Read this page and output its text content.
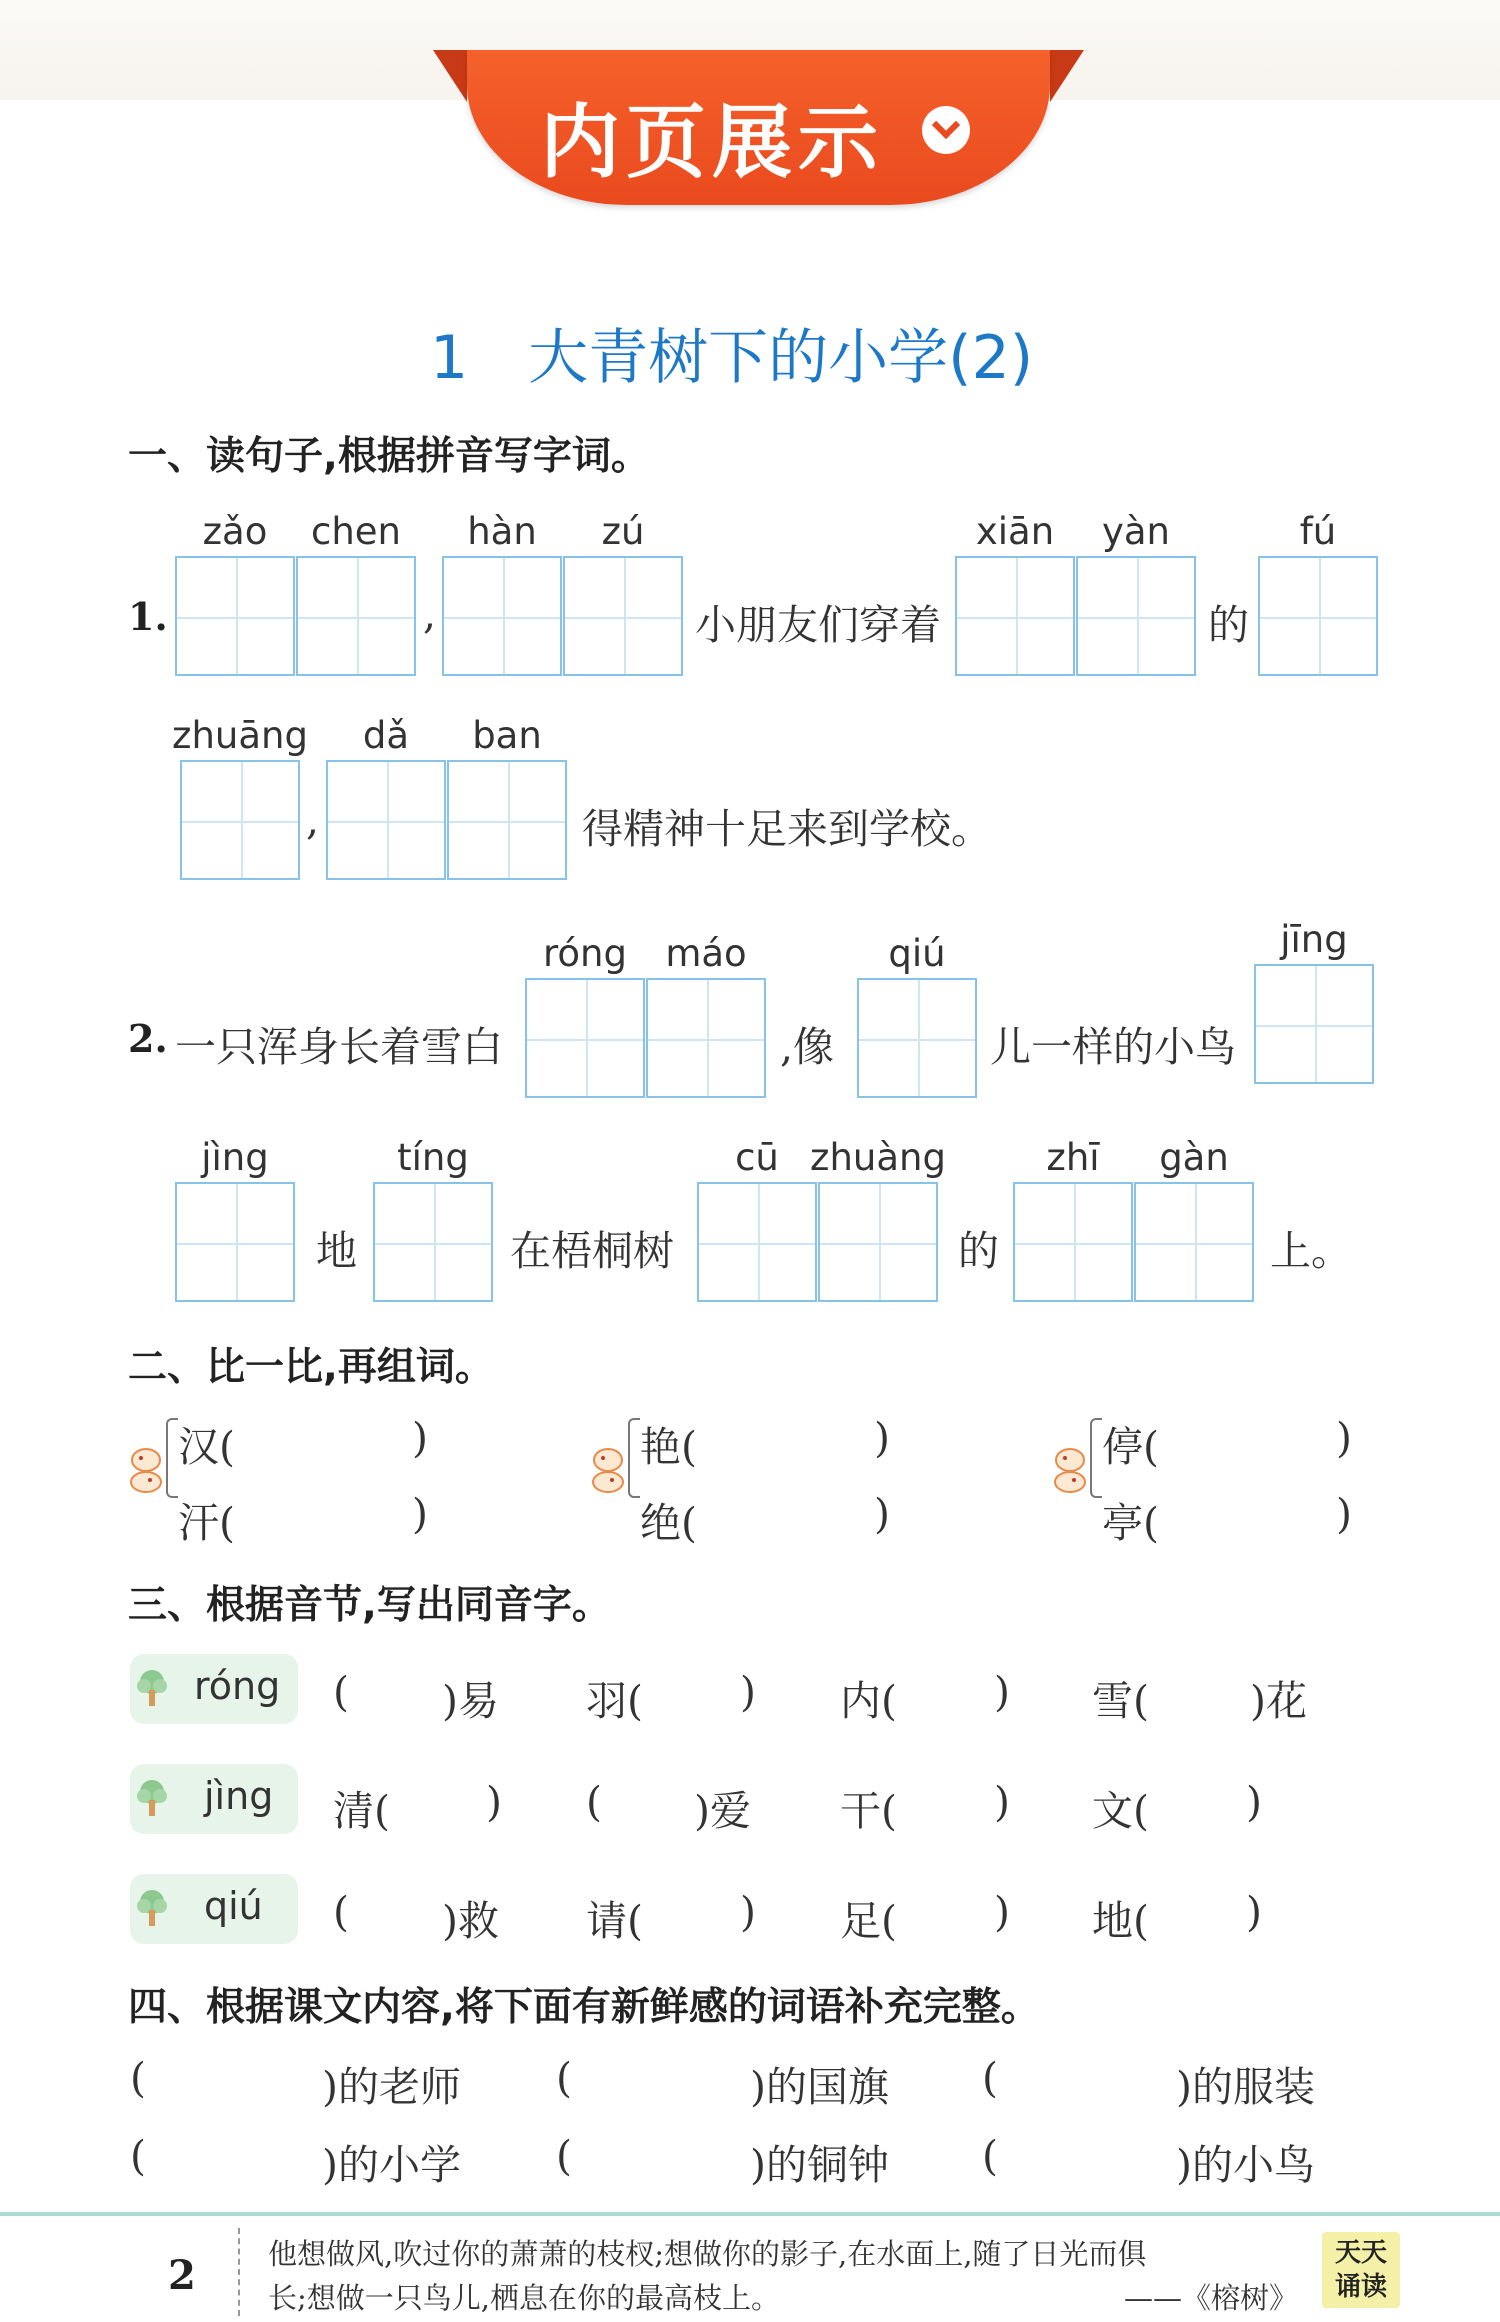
内页展示
1 大青树下的小学(2)
一、读句子,根据拼音写字词。
1.
zǎo	chen	hàn	zú	xiān	yàn	fú
,	小朋友们穿着	的
zhuāng	dǎ	ban
,	得精神十足来到学校。
2. 一只浑身长着雪白
róng	máo	qiú	jīng
,像	儿一样的小鸟
jìng	tíng	cū zhuàng	zhī	gàn
地	在梧桐树	的	上。
二、比一比,再组词。
汉(	)
汗(	)
艳(	)
绝(	)
停(	)
亭(	)
三、根据音节,写出同音字。
róng ( )易 羽( ) 内( ) 雪( )花
jìng 清( ) ( )爱 干( ) 文( )
qiú ( )救 请( ) 足( ) 地( )
四、根据课文内容,将下面有新鲜感的词语补充完整。
(	)的老师 (	)的国旗 (	)的服装
(	)的小学 (	)的铜钟 (	)的小鸟
2 他想做风,吹过你的萧萧的枝杈;想做你的影子,在水面上,随了日光而俱
长;想做一只鸟儿,栖息在你的最高枝上。	——《榕树》
天天
诵读
